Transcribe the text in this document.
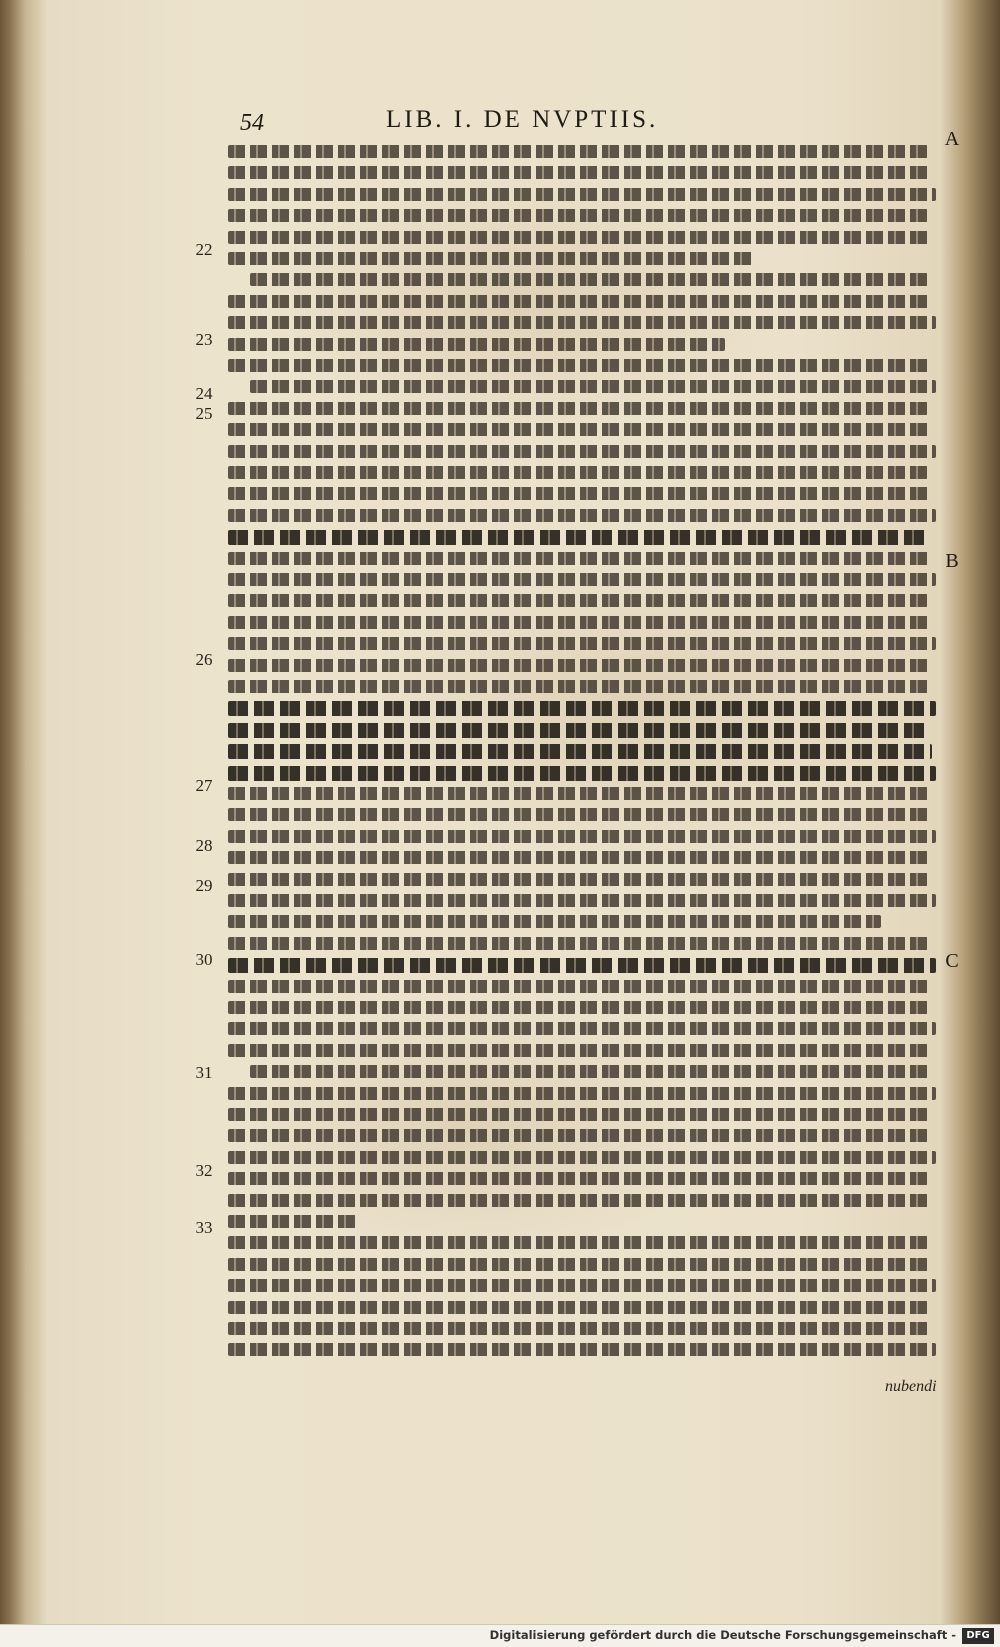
54	LIB. I. DE NVPTIIS.
22
23
24
25
26
27
28
29
30
31
32
33
A
B
C
nubendi
Digitalisierung gefördert durch die Deutsche Forschungsgemeinschaft -	DFG
